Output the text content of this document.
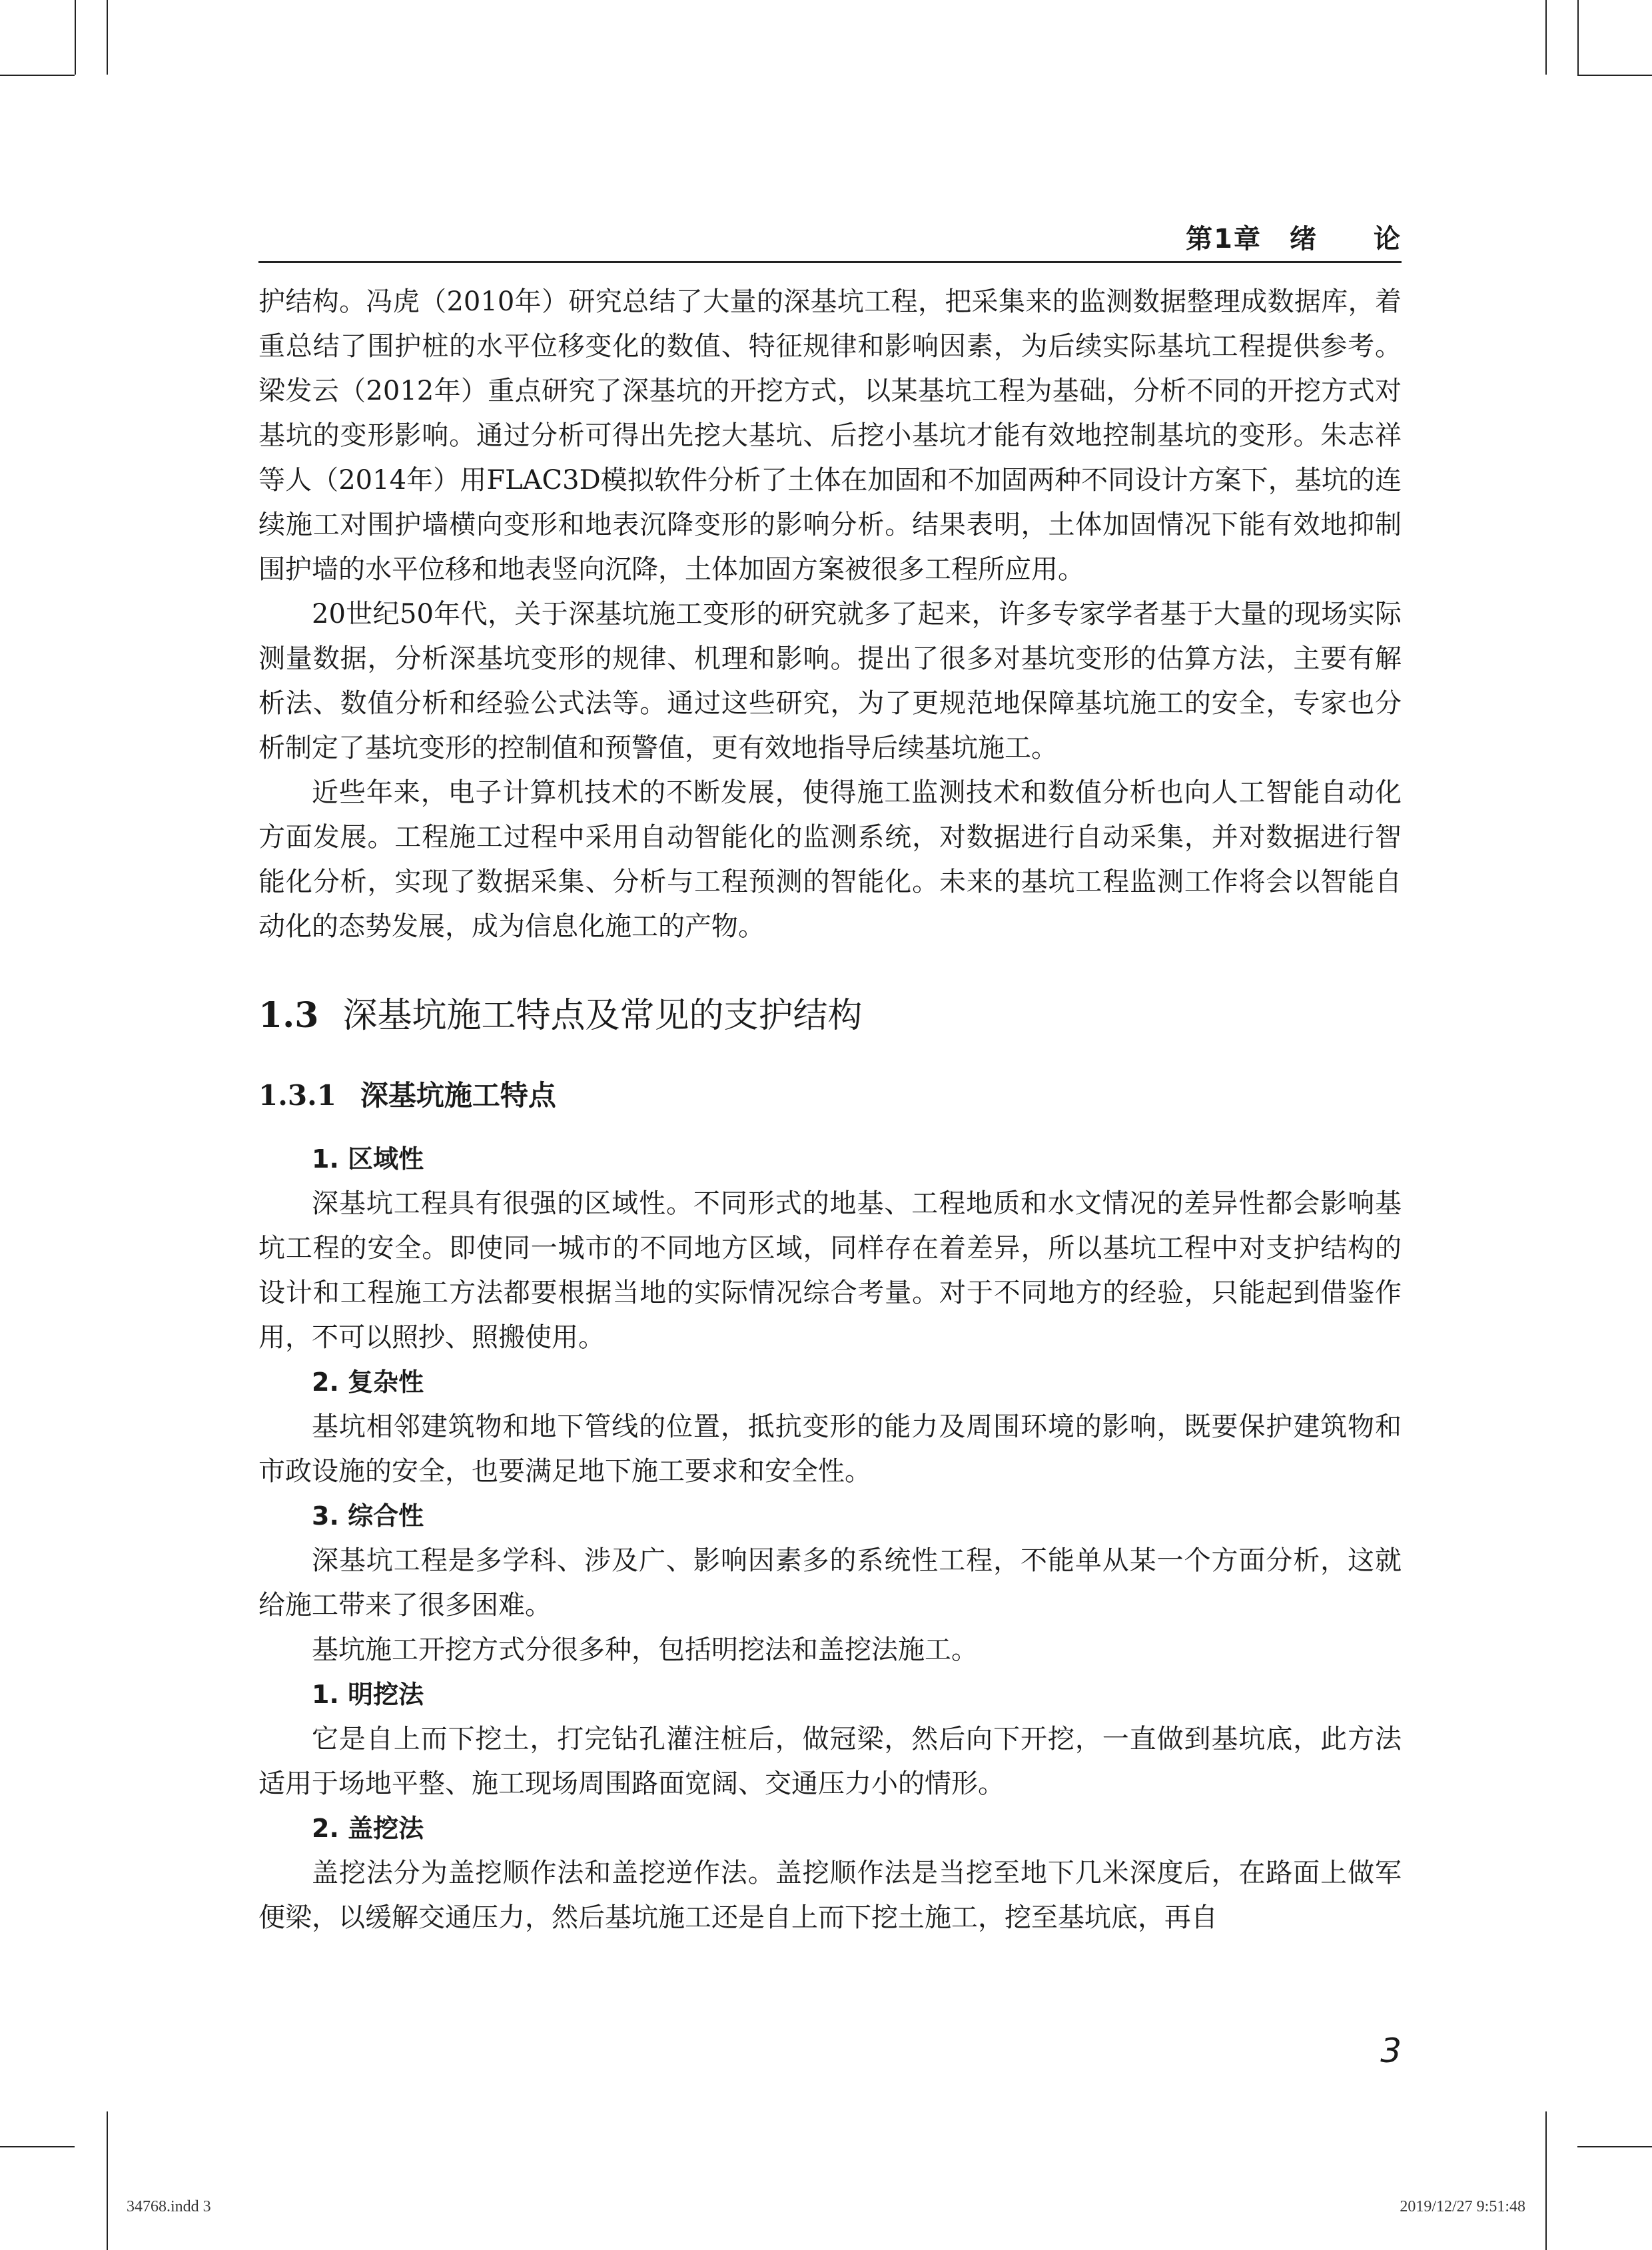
第1章　绪　　论

护结构。冯虎（2010年）研究总结了大量的深基坑工程，把采集来的监测数据整理成数据库，着重总结了围护桩的水平位移变化的数值、特征规律和影响因素，为后续实际基坑工程提供参考。梁发云（2012年）重点研究了深基坑的开挖方式，以某基坑工程为基础，分析不同的开挖方式对基坑的变形影响。通过分析可得出先挖大基坑、后挖小基坑才能有效地控制基坑的变形。朱志祥等人（2014年）用FLAC3D模拟软件分析了土体在加固和不加固两种不同设计方案下，基坑的连续施工对围护墙横向变形和地表沉降变形的影响分析。结果表明，土体加固情况下能有效地抑制围护墙的水平位移和地表竖向沉降，土体加固方案被很多工程所应用。

20世纪50年代，关于深基坑施工变形的研究就多了起来，许多专家学者基于大量的现场实际测量数据，分析深基坑变形的规律、机理和影响。提出了很多对基坑变形的估算方法，主要有解析法、数值分析和经验公式法等。通过这些研究，为了更规范地保障基坑施工的安全，专家也分析制定了基坑变形的控制值和预警值，更有效地指导后续基坑施工。

近些年来，电子计算机技术的不断发展，使得施工监测技术和数值分析也向人工智能自动化方面发展。工程施工过程中采用自动智能化的监测系统，对数据进行自动采集，并对数据进行智能化分析，实现了数据采集、分析与工程预测的智能化。未来的基坑工程监测工作将会以智能自动化的态势发展，成为信息化施工的产物。

1.3 深基坑施工特点及常见的支护结构
1.3.1 深基坑施工特点
1. 区域性

深基坑工程具有很强的区域性。不同形式的地基、工程地质和水文情况的差异性都会影响基坑工程的安全。即使同一城市的不同地方区域，同样存在着差异，所以基坑工程中对支护结构的设计和工程施工方法都要根据当地的实际情况综合考量。对于不同地方的经验，只能起到借鉴作用，不可以照抄、照搬使用。

2. 复杂性

基坑相邻建筑物和地下管线的位置，抵抗变形的能力及周围环境的影响，既要保护建筑物和市政设施的安全，也要满足地下施工要求和安全性。

3. 综合性

深基坑工程是多学科、涉及广、影响因素多的系统性工程，不能单从某一个方面分析，这就给施工带来了很多困难。

基坑施工开挖方式分很多种，包括明挖法和盖挖法施工。

1. 明挖法

它是自上而下挖土，打完钻孔灌注桩后，做冠梁，然后向下开挖，一直做到基坑底，此方法适用于场地平整、施工现场周围路面宽阔、交通压力小的情形。

2. 盖挖法

盖挖法分为盖挖顺作法和盖挖逆作法。盖挖顺作法是当挖至地下几米深度后，在路面上做军便梁，以缓解交通压力，然后基坑施工还是自上而下挖土施工，挖至基坑底，再自

3
34768.indd 3	2019/12/27 9:51:48
